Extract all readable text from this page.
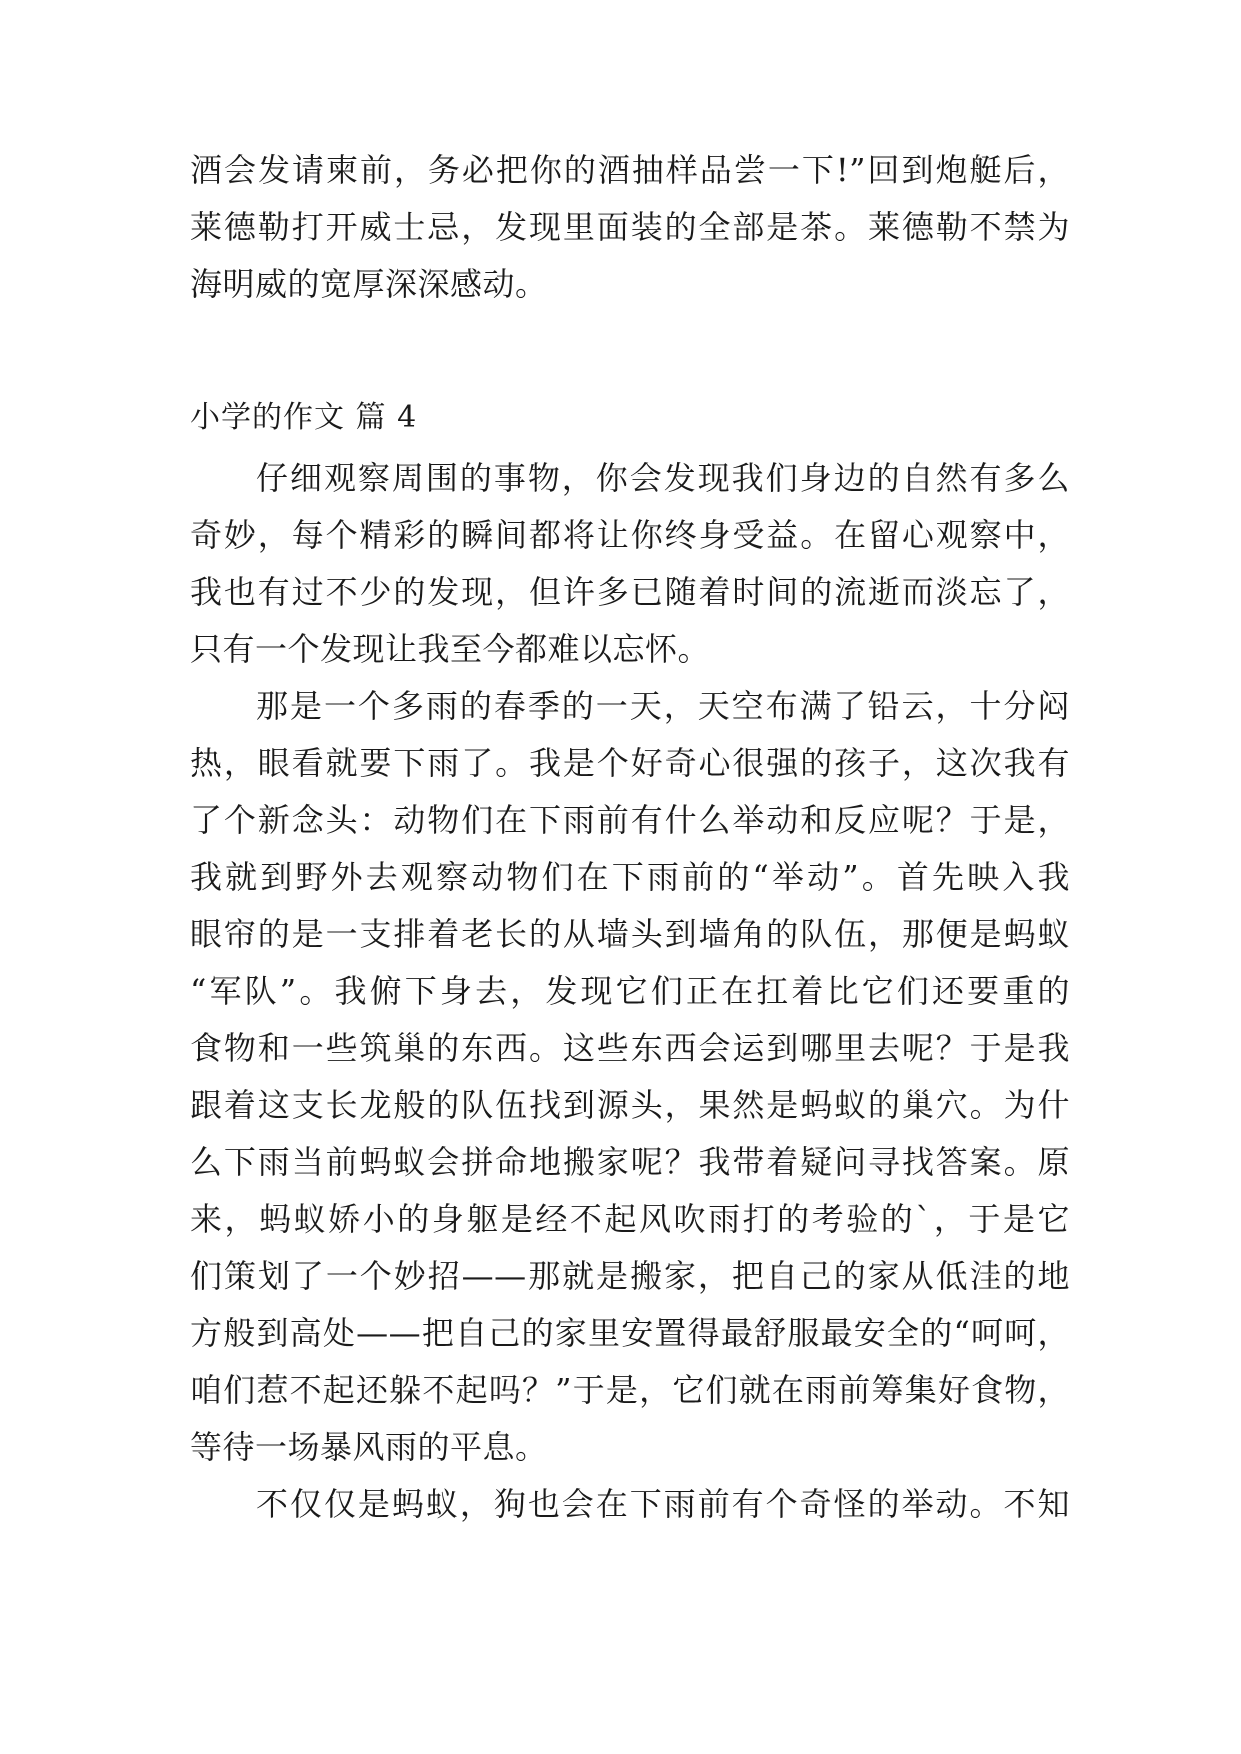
酒会发请柬前，务必把你的酒抽样品尝一下!”回到炮艇后，
莱德勒打开威士忌，发现里面装的全部是茶。莱德勒不禁为
海明威的宽厚深深感动。
小学的作文 篇 4
仔细观察周围的事物，你会发现我们身边的自然有多么
奇妙，每个精彩的瞬间都将让你终身受益。在留心观察中，
我也有过不少的发现，但许多已随着时间的流逝而淡忘了，
只有一个发现让我至今都难以忘怀。
那是一个多雨的春季的一天，天空布满了铅云，十分闷
热，眼看就要下雨了。我是个好奇心很强的孩子，这次我有
了个新念头：动物们在下雨前有什么举动和反应呢？于是，
我就到野外去观察动物们在下雨前的“举动”。首先映入我
眼帘的是一支排着老长的从墙头到墙角的队伍，那便是蚂蚁
“军队”。我俯下身去，发现它们正在扛着比它们还要重的
食物和一些筑巢的东西。这些东西会运到哪里去呢？于是我
跟着这支长龙般的队伍找到源头，果然是蚂蚁的巢穴。为什
么下雨当前蚂蚁会拼命地搬家呢？我带着疑问寻找答案。原
来，蚂蚁娇小的身躯是经不起风吹雨打的考验的`，于是它
们策划了一个妙招——那就是搬家，把自己的家从低洼的地
方般到高处——把自己的家里安置得最舒服最安全的“呵呵，
咱们惹不起还躲不起吗？”于是，它们就在雨前筹集好食物，
等待一场暴风雨的平息。
不仅仅是蚂蚁，狗也会在下雨前有个奇怪的举动。不知
